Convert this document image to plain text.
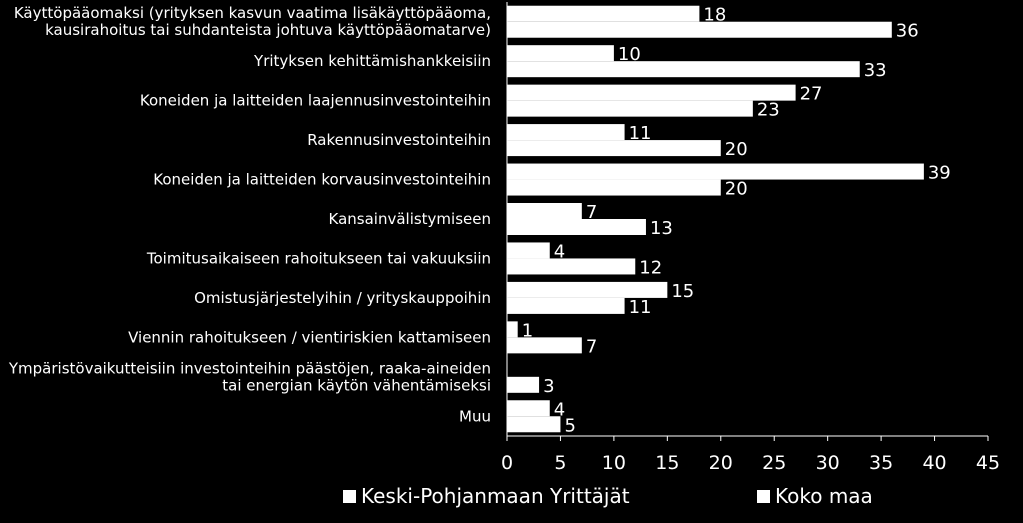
Käyttöpääomaksi (yrityksen kasvun vaatima lisäkäyttöpääoma,
kausirahoitus tai suhdanteista johtuva käyttöpääomatarve)
Yrityksen kehittämishankkeisiin
Koneiden ja laitteiden laajennusinvestointeihin
Rakennusinvestointeihin
Koneiden ja laitteiden korvausinvestointeihin
Kansainvälistymiseen
Toimitusaikaiseen rahoitukseen tai vakuuksiin
Omistusjärjestelyihin / yrityskauppoihin
Viennin rahoitukseen / vientiriskien kattamiseen
Ympäristövaikutteisiin investointeihin päästöjen, raaka-aineiden
tai energian käytön vähentämiseksi
Muu
18
36
10
33
27
23
11
20
39
20
7
13
4
12
15
11
1
7
3
4
5
0 5 10 15 20 25 30 35 40 45
Keski-Pohjanmaan Yrittäjät	Koko maa
